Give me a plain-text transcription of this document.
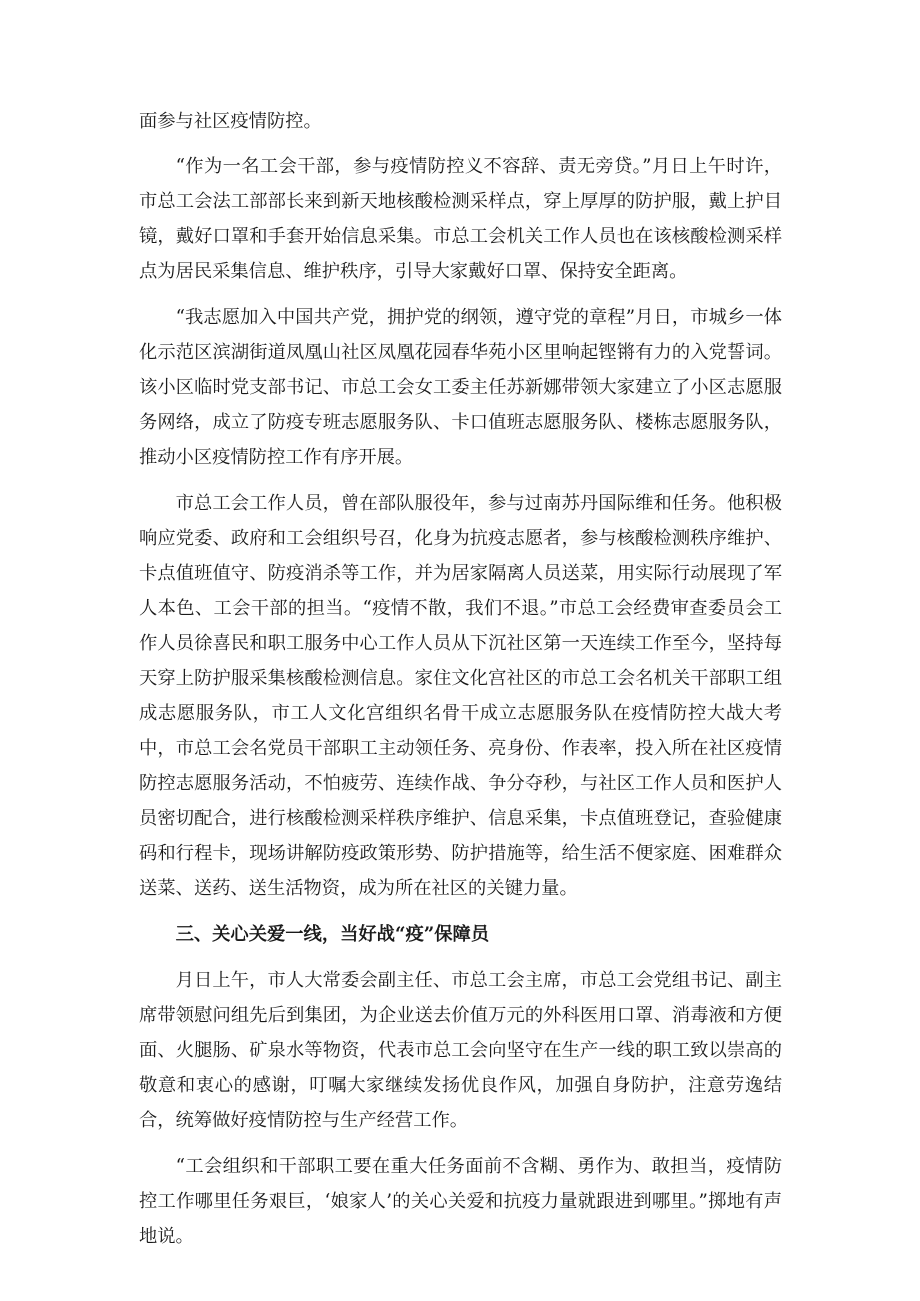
面参与社区疫情防控。

“作为一名工会干部，参与疫情防控义不容辞、责无旁贷。”月日上午时许，市总工会法工部部长来到新天地核酸检测采样点，穿上厚厚的防护服，戴上护目镜，戴好口罩和手套开始信息采集。市总工会机关工作人员也在该核酸检测采样点为居民采集信息、维护秩序，引导大家戴好口罩、保持安全距离。

“我志愿加入中国共产党，拥护党的纲领，遵守党的章程”月日，市城乡一体化示范区滨湖街道凤凰山社区凤凰花园春华苑小区里响起铿锵有力的入党誓词。该小区临时党支部书记、市总工会女工委主任苏新娜带领大家建立了小区志愿服务网络，成立了防疫专班志愿服务队、卡口值班志愿服务队、楼栋志愿服务队，推动小区疫情防控工作有序开展。

市总工会工作人员，曾在部队服役年，参与过南苏丹国际维和任务。他积极响应党委、政府和工会组织号召，化身为抗疫志愿者，参与核酸检测秩序维护、卡点值班值守、防疫消杀等工作，并为居家隔离人员送菜，用实际行动展现了军人本色、工会干部的担当。“疫情不散，我们不退。”市总工会经费审查委员会工作人员徐喜民和职工服务中心工作人员从下沉社区第一天连续工作至今，坚持每天穿上防护服采集核酸检测信息。家住文化宫社区的市总工会名机关干部职工组成志愿服务队，市工人文化宫组织名骨干成立志愿服务队在疫情防控大战大考中，市总工会名党员干部职工主动领任务、亮身份、作表率，投入所在社区疫情防控志愿服务活动，不怕疲劳、连续作战、争分夺秒，与社区工作人员和医护人员密切配合，进行核酸检测采样秩序维护、信息采集，卡点值班登记，查验健康码和行程卡，现场讲解防疫政策形势、防护措施等，给生活不便家庭、困难群众送菜、送药、送生活物资，成为所在社区的关键力量。

三、关心关爱一线，当好战“疫”保障员

月日上午，市人大常委会副主任、市总工会主席，市总工会党组书记、副主席带领慰问组先后到集团，为企业送去价值万元的外科医用口罩、消毒液和方便面、火腿肠、矿泉水等物资，代表市总工会向坚守在生产一线的职工致以崇高的敬意和衷心的感谢，叮嘱大家继续发扬优良作风，加强自身防护，注意劳逸结合，统筹做好疫情防控与生产经营工作。

“工会组织和干部职工要在重大任务面前不含糊、勇作为、敢担当，疫情防控工作哪里任务艰巨，‘娘家人’的关心关爱和抗疫力量就跟进到哪里。”掷地有声地说。
